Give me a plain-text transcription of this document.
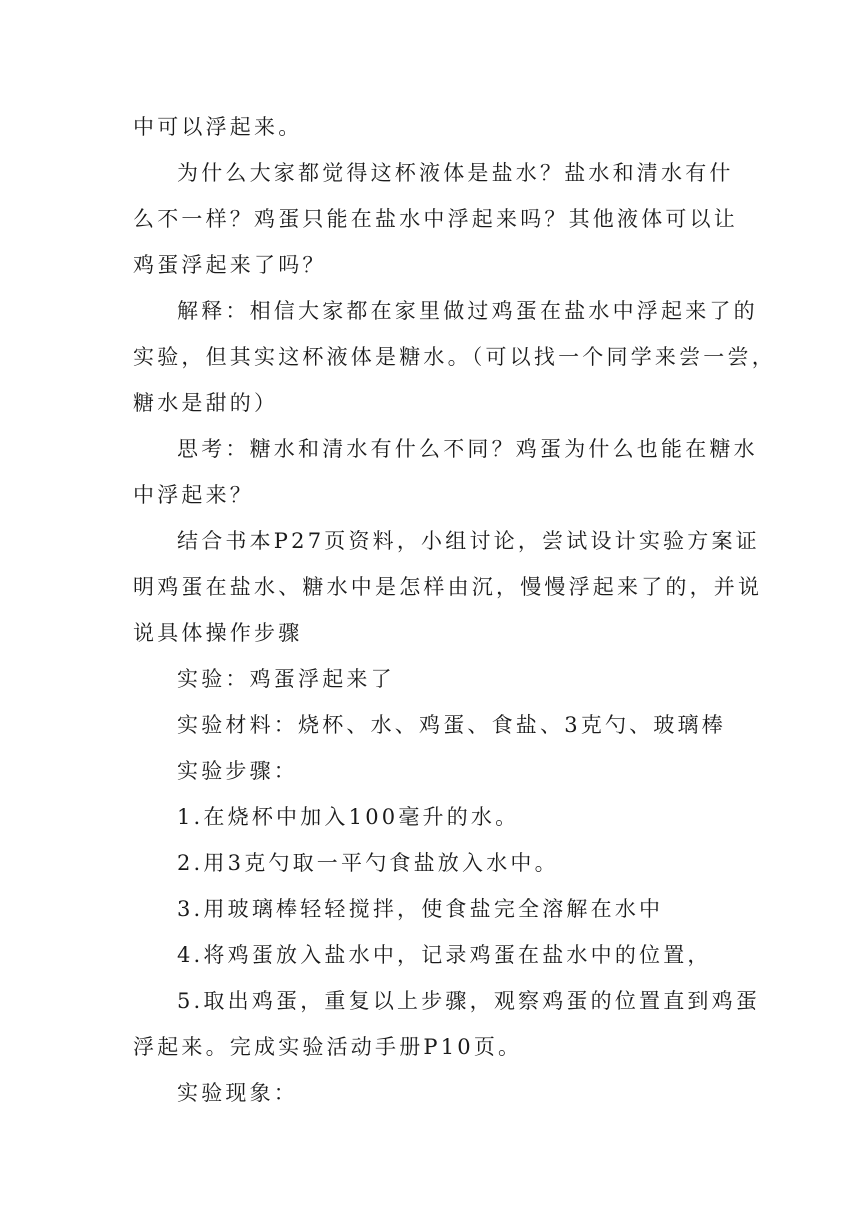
中可以浮起来。
为什么大家都觉得这杯液体是盐水？盐水和清水有什
么不一样？鸡蛋只能在盐水中浮起来吗？其他液体可以让
鸡蛋浮起来了吗？
解释：相信大家都在家里做过鸡蛋在盐水中浮起来了的
实验，但其实这杯液体是糖水。（可以找一个同学来尝一尝，
糖水是甜的）
思考：糖水和清水有什么不同？鸡蛋为什么也能在糖水
中浮起来？
结合书本P27页资料，小组讨论，尝试设计实验方案证
明鸡蛋在盐水、糖水中是怎样由沉，慢慢浮起来了的，并说
说具体操作步骤
实验：鸡蛋浮起来了
实验材料：烧杯、水、鸡蛋、食盐、3克勺、玻璃棒
实验步骤：
1.在烧杯中加入100毫升的水。
2.用3克勺取一平勺食盐放入水中。
3.用玻璃棒轻轻搅拌，使食盐完全溶解在水中
4.将鸡蛋放入盐水中，记录鸡蛋在盐水中的位置，
5.取出鸡蛋，重复以上步骤，观察鸡蛋的位置直到鸡蛋
浮起来。完成实验活动手册P10页。
实验现象：
